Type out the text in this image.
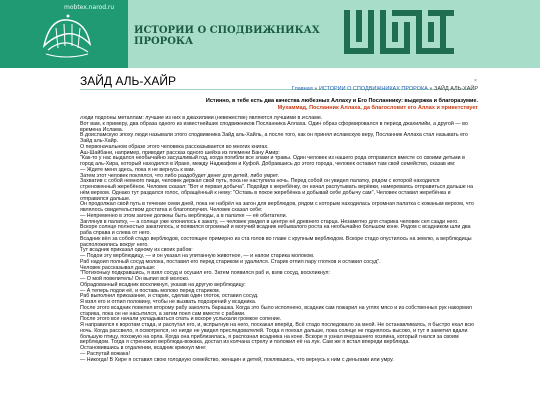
mobtex.narod.ru
ИСТОРИИ О СПОДВИЖНИКАХ ПРОРОКА
ЗАЙД АЛЬ-ХАЙР	×
Главная » ИСТОРИИ О СПОДВИЖНИКАХ ПРОРОКА » ЗАЙД АЛЬ-ХАЙР
Истинно, в тебе есть два качества любезных Аллаху и Его Посланнику: выдержка и благоразумие.
Мухаммад, Посланник Аллаха, да благословит его Аллах и приветствует

Люди подобны металлам: лучшие из них в джахилийи (невежестве) являются лучшими в Исламе.

Вот вам, к примеру, два образа одного из известнейших сподвижников Посланника Аллаха. Один образ сформировался в период джахилийи, а другой — во времена Ислама.

В доисламскую эпоху люди называли этого сподвижника Зайд аль-Хайль, а после того, как он принял исламскую веру, Посланник Аллаха стал называть его Зайд аль-Хайр.

О первоначальном образе этого человека рассказывается во многих книгах.

Аш-Шайбани, например, приводит рассказ одного шейха из племени Бану Амир:

"Как-то у нас выдался необычайно засушливый год, когда погибли все злаки и травы. Один человек из нашего рода отправился вместе со своими детьми в город аль-Хира, который находился в Ираке, между Наджафом и Куфой. Добравшись до этого города, человек оставил там свой семейство, сказав им:

— Ждите меня здесь, пока я не вернусь к вам.

Затем этот человек поклялся, что либо раздобудет денег для детей, либо умрет.

Захватив с собой немного пищи, человек держал свой путь, пока не наступила ночь. Перед собой он увидел палатку, рядом с которой находился стреноженный жеребёнок. Человек сказал: "Вот и первая добыча". Подойдя к жеребёнку, он начал распутывать верёвки, намереваясь отправиться дальше на нём верхом. Однако тут раздался голос, обращённый к нему: "Оставь в покое жеребёнка и добывай себе добычу сам". Человек оставил жеребёнка и отправился дальше.

Он продолжал свой путь в течение семи дней, пока не набрёл на загон для верблюдов, рядом с которым находилась огромная палатка с кожаным верхом, что являлось свидетельством достатка и благополучия. Человек сказал себе:

— Непременно в этом загоне должны быть верблюды, а в палатке — её обитатели.

Заглянув в палатку, — а солнце уже клонилось к закату, — человек увидел в центре её древнего старца. Незаметно для старика человек сел сзади него.

Вскоре солнце полностью закатилось, и появился огромный и могучий всадник небывалого роста на необычайно большом коне. Рядом с всадником шли два раба справа и слева от него.

Всадник вёл за собой стадо верблюдов, состоящее примерно из ста голов во главе с крупным верблюдом. Вскоре стадо опустилось на землю, а верблюдицы расположились вокруг него.

Тут всадник приказал одному из своих рабов:

— Подои эту верблюдицу, — и он указал на упитанную животное, — и напои старика молоком.

Раб надоил полный сосуд молока, поставил его перед стариком и удалился. Старик отпил пару глотков и оставил сосуд".

Человек рассказывал дальше:

"Потихоньку подкравшись, я взял сосуд и осушил его. Затем появился раб и, взяв сосуд, воскликнул:

— О мой повелитель! Он выпил всё молоко.

Обрадованный всадник воскликнул, указав на другую верблюдицу:

— А теперь подои её, и поставь молоко перед стариком.

Раб выполнил приказание, и старик, сделав один глоток, оставил сосуд.

Я взял его и отпил половину, чтобы не вызвать подозрений у всадника.

После этого всадник повелел второму рабу заколоть барашка. Когда это было исполнено, всадник сам пожарил на углях мясо и из собственных рук накормил старика, пока он не насытился, а затем поел сам вместе с рабами.

После этого все начали укладываться спать и вскоре услыхали громкое сопение.

Я направился к воротам стада, и распутал его, и, вспрыгнув на него, поскакал вперёд. Всё стадо последовало за мной. Не останавливаясь, я быстро ехал всю ночь. Когда рассвело, я осмотрелся, но нигде не увидел преследователей. Тогда я поехал дальше, пока солнце не поднялось высоко, и тут я заметил вдали большую птицу, похожую на орла. Когда она приблизилась, я распознал всадника на коне. Вскоре я узнал вчерашнего хозяина, который гнался за своим верблюдом. Тогда я стреножил верблюда-вожака, достал из колчана стрелу и положил её на лук. Сам же я встал впереди верблюда.

Остановившись в отдалении, всадник крикнул мне:

— Распутай вожака!

— Никогда! В Хире я оставил свою голодную семейство, женщин и детей, поклявшись, что вернусь к ним с деньгами или умру.
